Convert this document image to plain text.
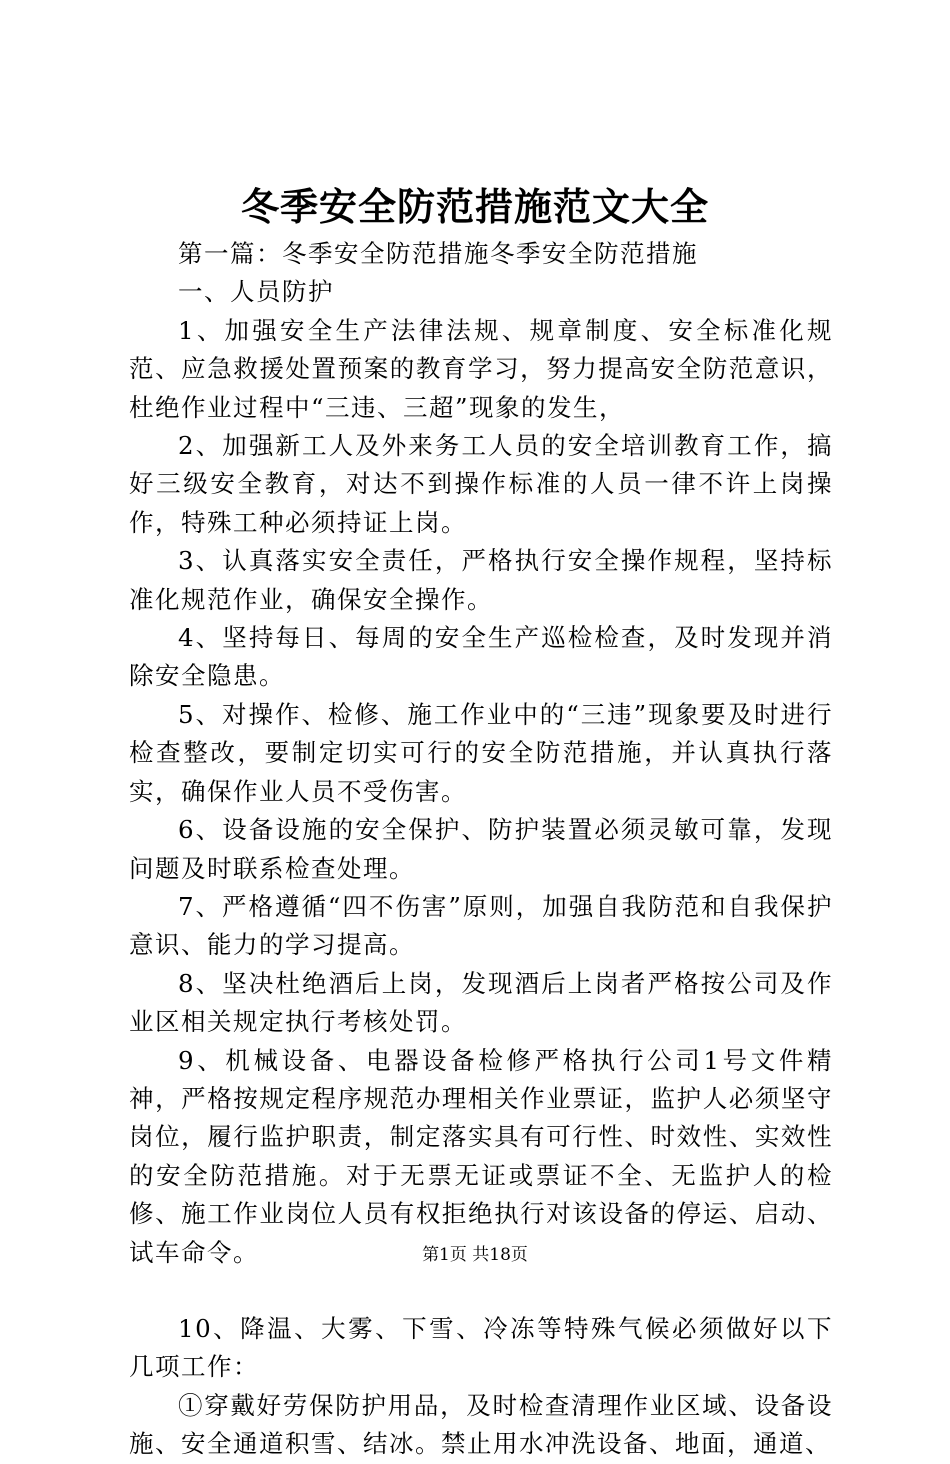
冬季安全防范措施范文大全

第一篇：冬季安全防范措施冬季安全防范措施

一、人员防护

1、加强安全生产法律法规、规章制度、安全标准化规范、应急救援处置预案的教育学习，努力提高安全防范意识，杜绝作业过程中“三违、三超”现象的发生，

2、加强新工人及外来务工人员的安全培训教育工作，搞好三级安全教育，对达不到操作标准的人员一律不许上岗操作，特殊工种必须持证上岗。

3、认真落实安全责任，严格执行安全操作规程，坚持标准化规范作业，确保安全操作。

4、坚持每日、每周的安全生产巡检检查，及时发现并消除安全隐患。

5、对操作、检修、施工作业中的“三违”现象要及时进行检查整改，要制定切实可行的安全防范措施，并认真执行落实，确保作业人员不受伤害。

6、设备设施的安全保护、防护装置必须灵敏可靠，发现问题及时联系检查处理。

7、严格遵循“四不伤害”原则，加强自我防范和自我保护意识、能力的学习提高。

8、坚决杜绝酒后上岗，发现酒后上岗者严格按公司及作业区相关规定执行考核处罚。

9、机械设备、电器设备检修严格执行公司1号文件精神，严格按规定程序规范办理相关作业票证，监护人必须坚守岗位，履行监护职责，制定落实具有可行性、时效性、实效性的安全防范措施。对于无票无证或票证不全、无监护人的检修、施工作业岗位人员有权拒绝执行对该设备的停运、启动、试车命令。

10、降温、大雾、下雪、冷冻等特殊气候必须做好以下几项工作：

①穿戴好劳保防护用品，及时检查清理作业区域、设备设施、安全通道积雪、结冰。禁止用水冲洗设备、地面，通道、

第1页 共18页
